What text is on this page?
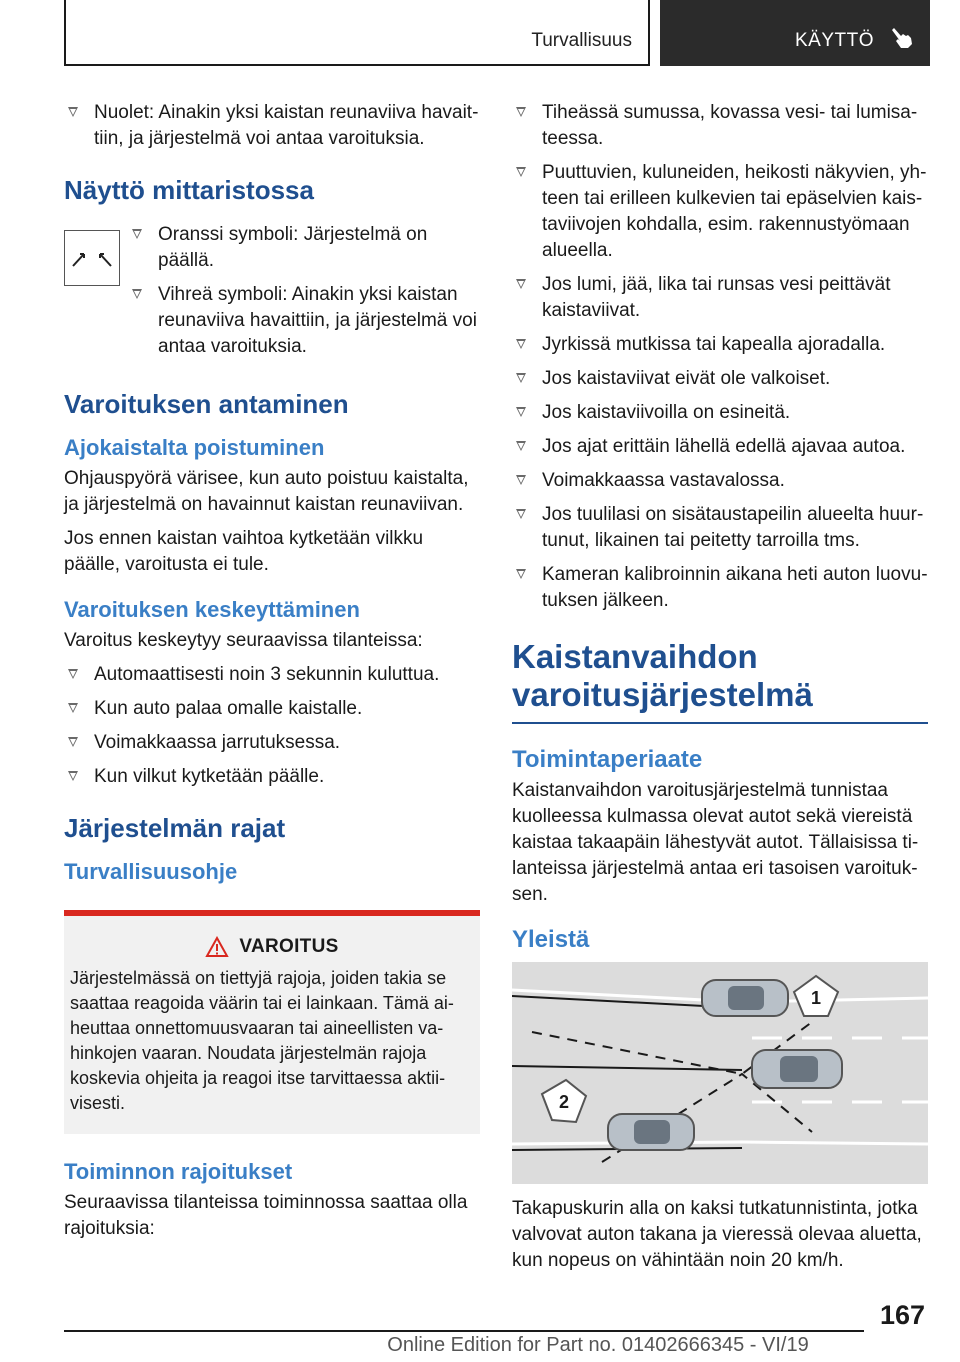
Turvallisuus	KÄYTTÖ
Nuolet: Ainakin yksi kaistan reunaviiva havait-tiin, ja järjestelmä voi antaa varoituksia.
Näyttö mittaristossa
Oranssi symboli: Järjestelmä on päällä.
Vihreä symboli: Ainakin yksi kaistan reunaviiva havaittiin, ja järjestelmä voi antaa varoituksia.
Varoituksen antaminen
Ajokaistalta poistuminen

Ohjauspyörä värisee, kun auto poistuu kaistalta, ja järjestelmä on havainnut kaistan reunaviivan.

Jos ennen kaistan vaihtoa kytketään vilkku päälle, varoitusta ei tule.

Varoituksen keskeyttäminen

Varoitus keskeytyy seuraavissa tilanteissa:

Automaattisesti noin 3 sekunnin kuluttua.
Kun auto palaa omalle kaistalle.
Voimakkaassa jarrutuksessa.
Kun vilkut kytketään päälle.
Järjestelmän rajat
Turvallisuusohje
VAROITUS

Järjestelmässä on tiettyjä rajoja, joiden takia se saattaa reagoida väärin tai ei lainkaan. Tämä ai-heuttaa onnettomuusvaaran tai aineellisten va-hinkojen vaaran. Noudata järjestelmän rajoja koskevia ohjeita ja reagoi itse tarvittaessa aktii-visesti.

Toiminnon rajoitukset

Seuraavissa tilanteissa toiminnossa saattaa olla rajoituksia:

Tiheässä sumussa, kovassa vesi- tai lumisa-teessa.
Puuttuvien, kuluneiden, heikosti näkyvien, yh-teen tai erilleen kulkevien tai epäselvien kais-taviivojen kohdalla, esim. rakennustyömaan alueella.
Jos lumi, jää, lika tai runsas vesi peittävät kaistaviivat.
Jyrkissä mutkissa tai kapealla ajoradalla.
Jos kaistaviivat eivät ole valkoiset.
Jos kaistaviivoilla on esineitä.
Jos ajat erittäin lähellä edellä ajavaa autoa.
Voimakkaassa vastavalossa.
Jos tuulilasi on sisätaustapeilin alueelta huur-tunut, likainen tai peitetty tarroilla tms.
Kameran kalibroinnin aikana heti auton luovu-tuksen jälkeen.
Kaistanvaihdon varoitusjärjestelmä
Toimintaperiaate

Kaistanvaihdon varoitusjärjestelmä tunnistaa kuolleessa kulmassa olevat autot sekä viereistä kaistaa takaapäin lähestyvät autot. Tällaisissa ti-lanteissa järjestelmä antaa eri tasoisen varoituk-sen.

Yleistä
1
2

Takapuskurin alla on kaksi tutkatunnistinta, jotka valvovat auton takana ja vieressä olevaa aluetta, kun nopeus on vähintään noin 20 km/h.

167
Online Edition for Part no. 01402666345 - VI/19
